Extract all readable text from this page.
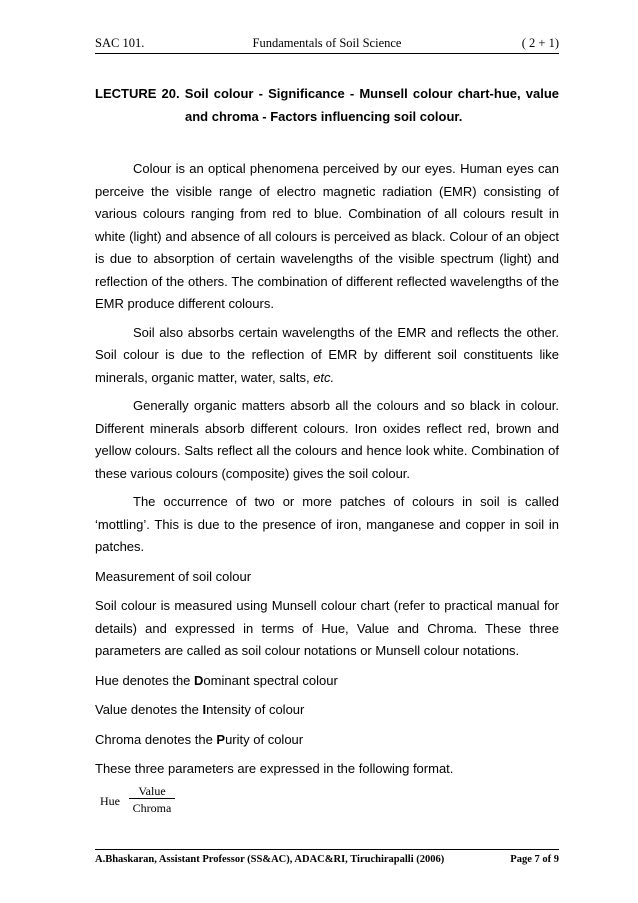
SAC 101.	Fundamentals of Soil Science	( 2 + 1)
LECTURE 20. Soil colour - Significance - Munsell colour chart-hue, value
and chroma - Factors influencing soil colour.

Colour is an optical phenomena perceived by our eyes. Human eyes can perceive the visible range of electro magnetic radiation (EMR) consisting of various colours ranging from red to blue. Combination of all colours result in white (light) and absence of all colours is perceived as black. Colour of an object is due to absorption of certain wavelengths of the visible spectrum (light) and reflection of the others. The combination of different reflected wavelengths of the EMR produce different colours.

Soil also absorbs certain wavelengths of the EMR and reflects the other. Soil colour is due to the reflection of EMR by different soil constituents like minerals, organic matter, water, salts, etc.

Generally organic matters absorb all the colours and so black in colour. Different minerals absorb different colours. Iron oxides reflect red, brown and yellow colours. Salts reflect all the colours and hence look white. Combination of these various colours (composite) gives the soil colour.

The occurrence of two or more patches of colours in soil is called ‘mottling’. This is due to the presence of iron, manganese and copper in soil in patches.

Measurement of soil colour

Soil colour is measured using Munsell colour chart (refer to practical manual for details) and expressed in terms of Hue, Value and Chroma. These three parameters are called as soil colour notations or Munsell colour notations.

Hue denotes the Dominant spectral colour

Value denotes the Intensity of colour

Chroma denotes the Purity of colour

These three parameters are expressed in the following format.

Hue
Value
Chroma
A.Bhaskaran, Assistant Professor (SS&AC), ADAC&RI, Tiruchirapalli (2006)	Page 7 of 9
